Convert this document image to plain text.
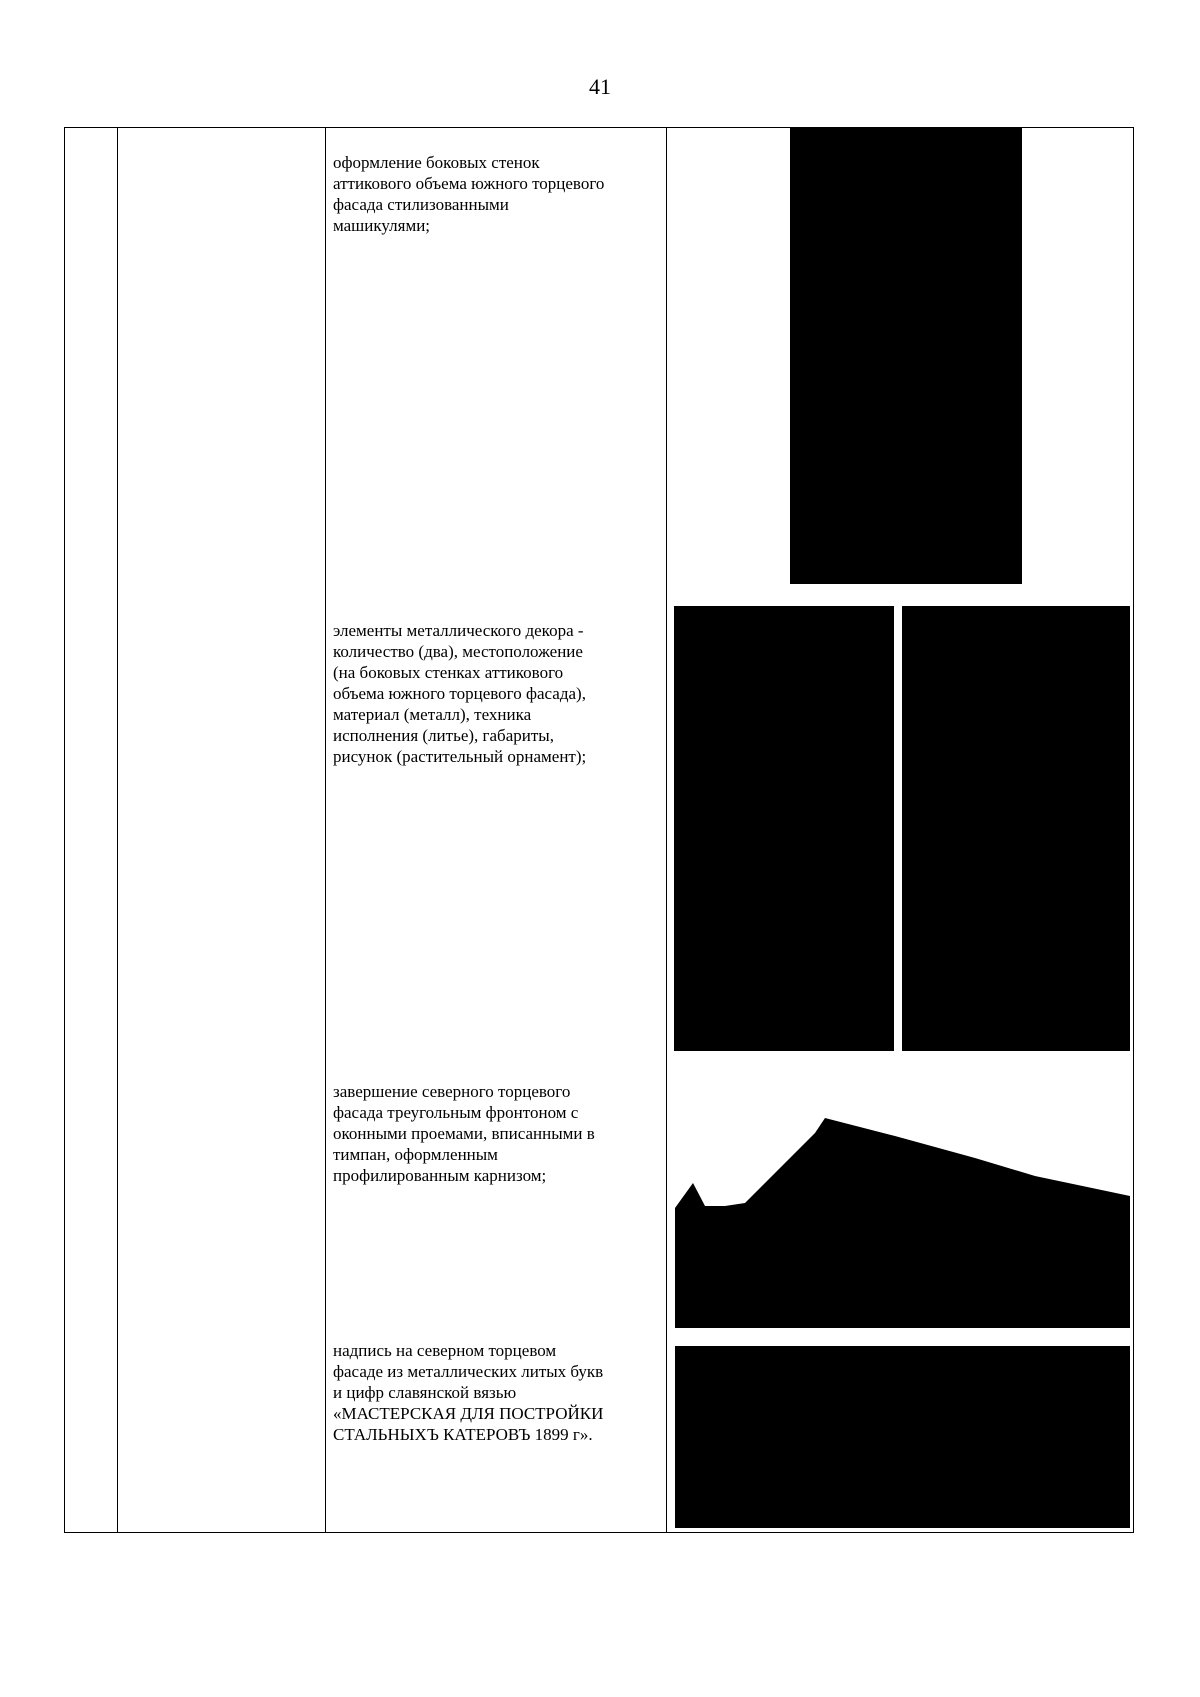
41
оформление боковых стенок
аттикового объема южного торцевого
фасада стилизованными
машикулями;
элементы металлического декора -
количество (два), местоположение
(на боковых стенках аттикового
объема южного торцевого фасада),
материал (металл), техника
исполнения (литье), габариты,
рисунок (растительный орнамент);
завершение северного торцевого
фасада треугольным фронтоном с
оконными проемами, вписанными в
тимпан, оформленным
профилированным карнизом;
надпись на северном торцевом
фасаде из металлических литых букв
и цифр славянской вязью
«МАСТЕРСКАЯ ДЛЯ ПОСТРОЙКИ
СТАЛЬНЫХЪ КАТЕРОВЪ 1899 г».
